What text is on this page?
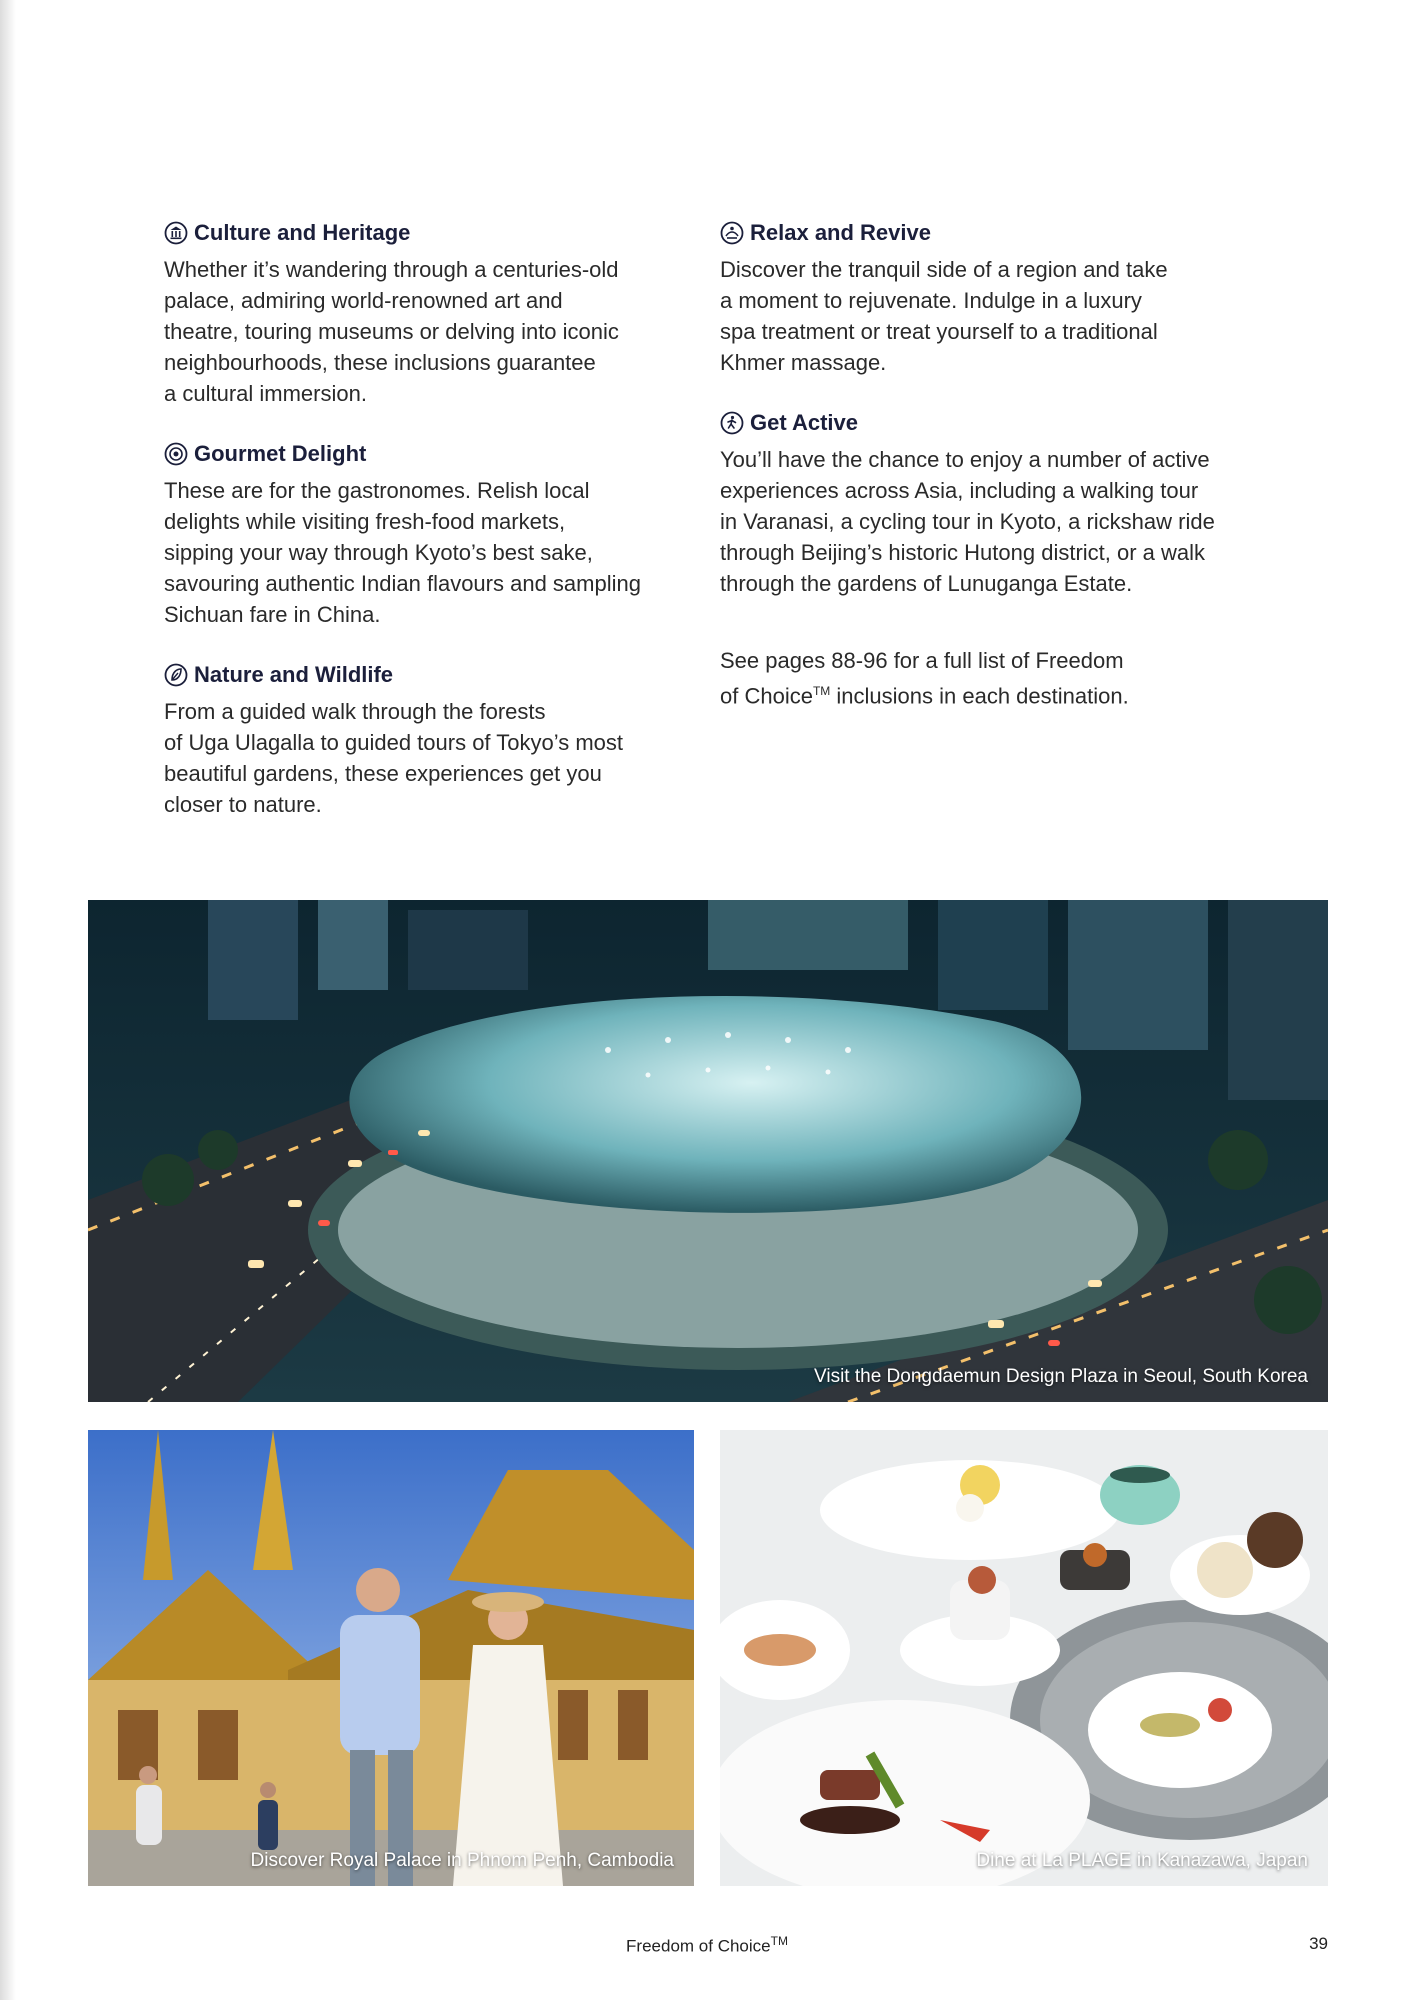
Culture and Heritage

Whether it’s wandering through a centuries-old
palace, admiring world-renowned art and
theatre, touring museums or delving into iconic
neighbourhoods, these inclusions guarantee
a cultural immersion.

Gourmet Delight

These are for the gastronomes. Relish local
delights while visiting fresh-food markets,
sipping your way through Kyoto’s best sake,
savouring authentic Indian flavours and sampling
Sichuan fare in China.

Nature and Wildlife

From a guided walk through the forests
of Uga Ulagalla to guided tours of Tokyo’s most
beautiful gardens, these experiences get you
closer to nature.

Relax and Revive

Discover the tranquil side of a region and take
a moment to rejuvenate. Indulge in a luxury
spa treatment or treat yourself to a traditional
Khmer massage.

Get Active

You’ll have the chance to enjoy a number of active
experiences across Asia, including a walking tour
in Varanasi, a cycling tour in Kyoto, a rickshaw ride
through Beijing’s historic Hutong district, or a walk
through the gardens of Lunuganga Estate.

See pages 88-96 for a full list of Freedom
of Choice™ inclusions in each destination.

Visit the Dongdaemun Design Plaza in Seoul, South Korea
Discover Royal Palace in Phnom Penh, Cambodia	Dine at La PLAGE in Kanazawa, Japan
Freedom of Choice™	39
